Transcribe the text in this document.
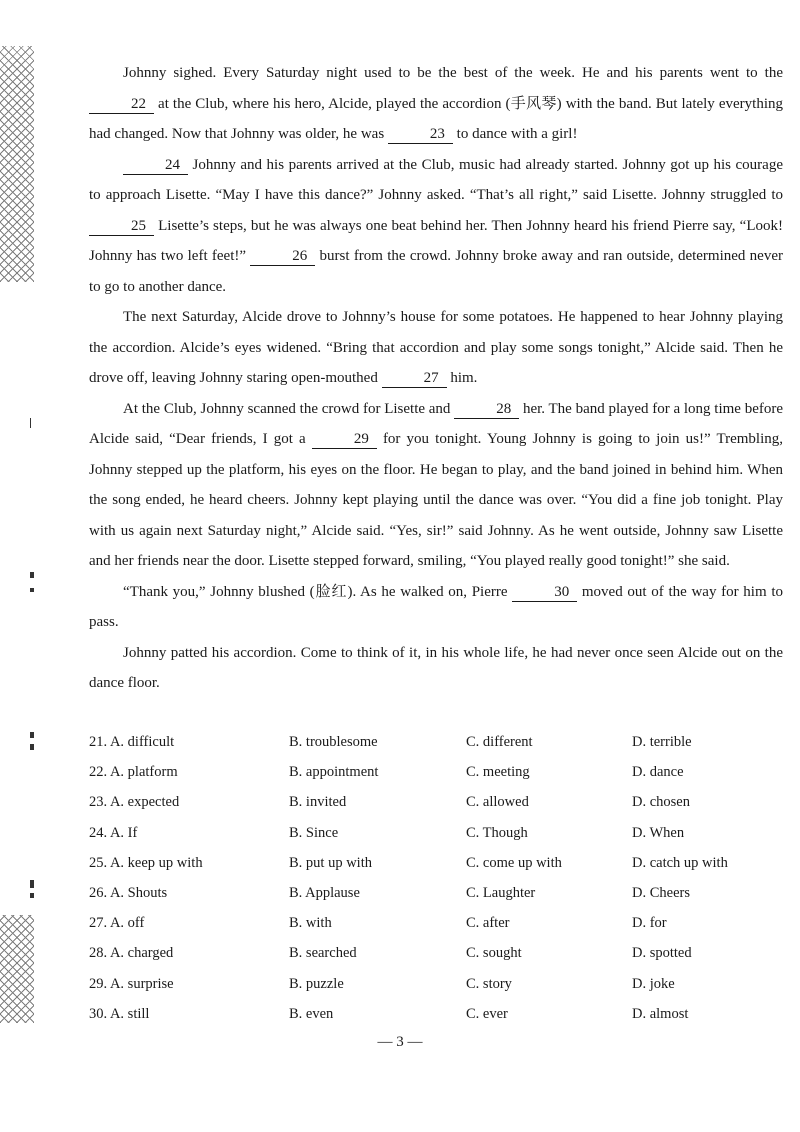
Johnny sighed. Every Saturday night used to be the best of the week. He and his parents went to the 22 at the Club, where his hero, Alcide, played the accordion (手风琴) with the band. But lately everything had changed. Now that Johnny was older, he was	23 to dance with a girl!

24 Johnny and his parents arrived at the Club, music had already started. Johnny got up his courage to approach Lisette. “May I have this dance?” Johnny asked. “That’s all right,” said Lisette. Johnny struggled to 25 Lisette’s steps, but he was always one beat behind her. Then Johnny heard his friend Pierre say, “Look! Johnny has two left feet!”	26 burst from the crowd. Johnny broke away and ran outside, determined never to go to another dance.

The next Saturday, Alcide drove to Johnny’s house for some potatoes. He happened to hear Johnny playing the accordion. Alcide’s eyes widened. “Bring that accordion and play some songs tonight,” Alcide said. Then he drove off, leaving Johnny staring open-mouthed	27 him.

At the Club, Johnny scanned the crowd for Lisette and	28 her. The band played for a long time before Alcide said, “Dear friends, I got a	29 for you tonight. Young Johnny is going to join us!” Trembling, Johnny stepped up the platform, his eyes on the floor. He began to play, and the band joined in behind him. When the song ended, he heard cheers. Johnny kept playing until the dance was over. “You did a fine job tonight. Play with us again next Saturday night,” Alcide said. “Yes, sir!” said Johnny. As he went outside, Johnny saw Lisette and her friends near the door. Lisette stepped forward, smiling, “You played really good tonight!” she said.

“Thank you,” Johnny blushed (脸红). As he walked on, Pierre	30 moved out of the way for him to pass.

Johnny patted his accordion. Come to think of it, in his whole life, he had never once seen Alcide out on the dance floor.

21. A. difficult	B. troublesome	C. different	D. terrible
22. A. platform	B. appointment	C. meeting	D. dance
23. A. expected	B. invited	C. allowed	D. chosen
24. A. If	B. Since	C. Though	D. When
25. A. keep up with	B. put up with	C. come up with	D. catch up with
26. A. Shouts	B. Applause	C. Laughter	D. Cheers
27. A. off	B. with	C. after	D. for
28. A. charged	B. searched	C. sought	D. spotted
29. A. surprise	B. puzzle	C. story	D. joke
30. A. still	B. even	C. ever	D. almost
— 3 —
